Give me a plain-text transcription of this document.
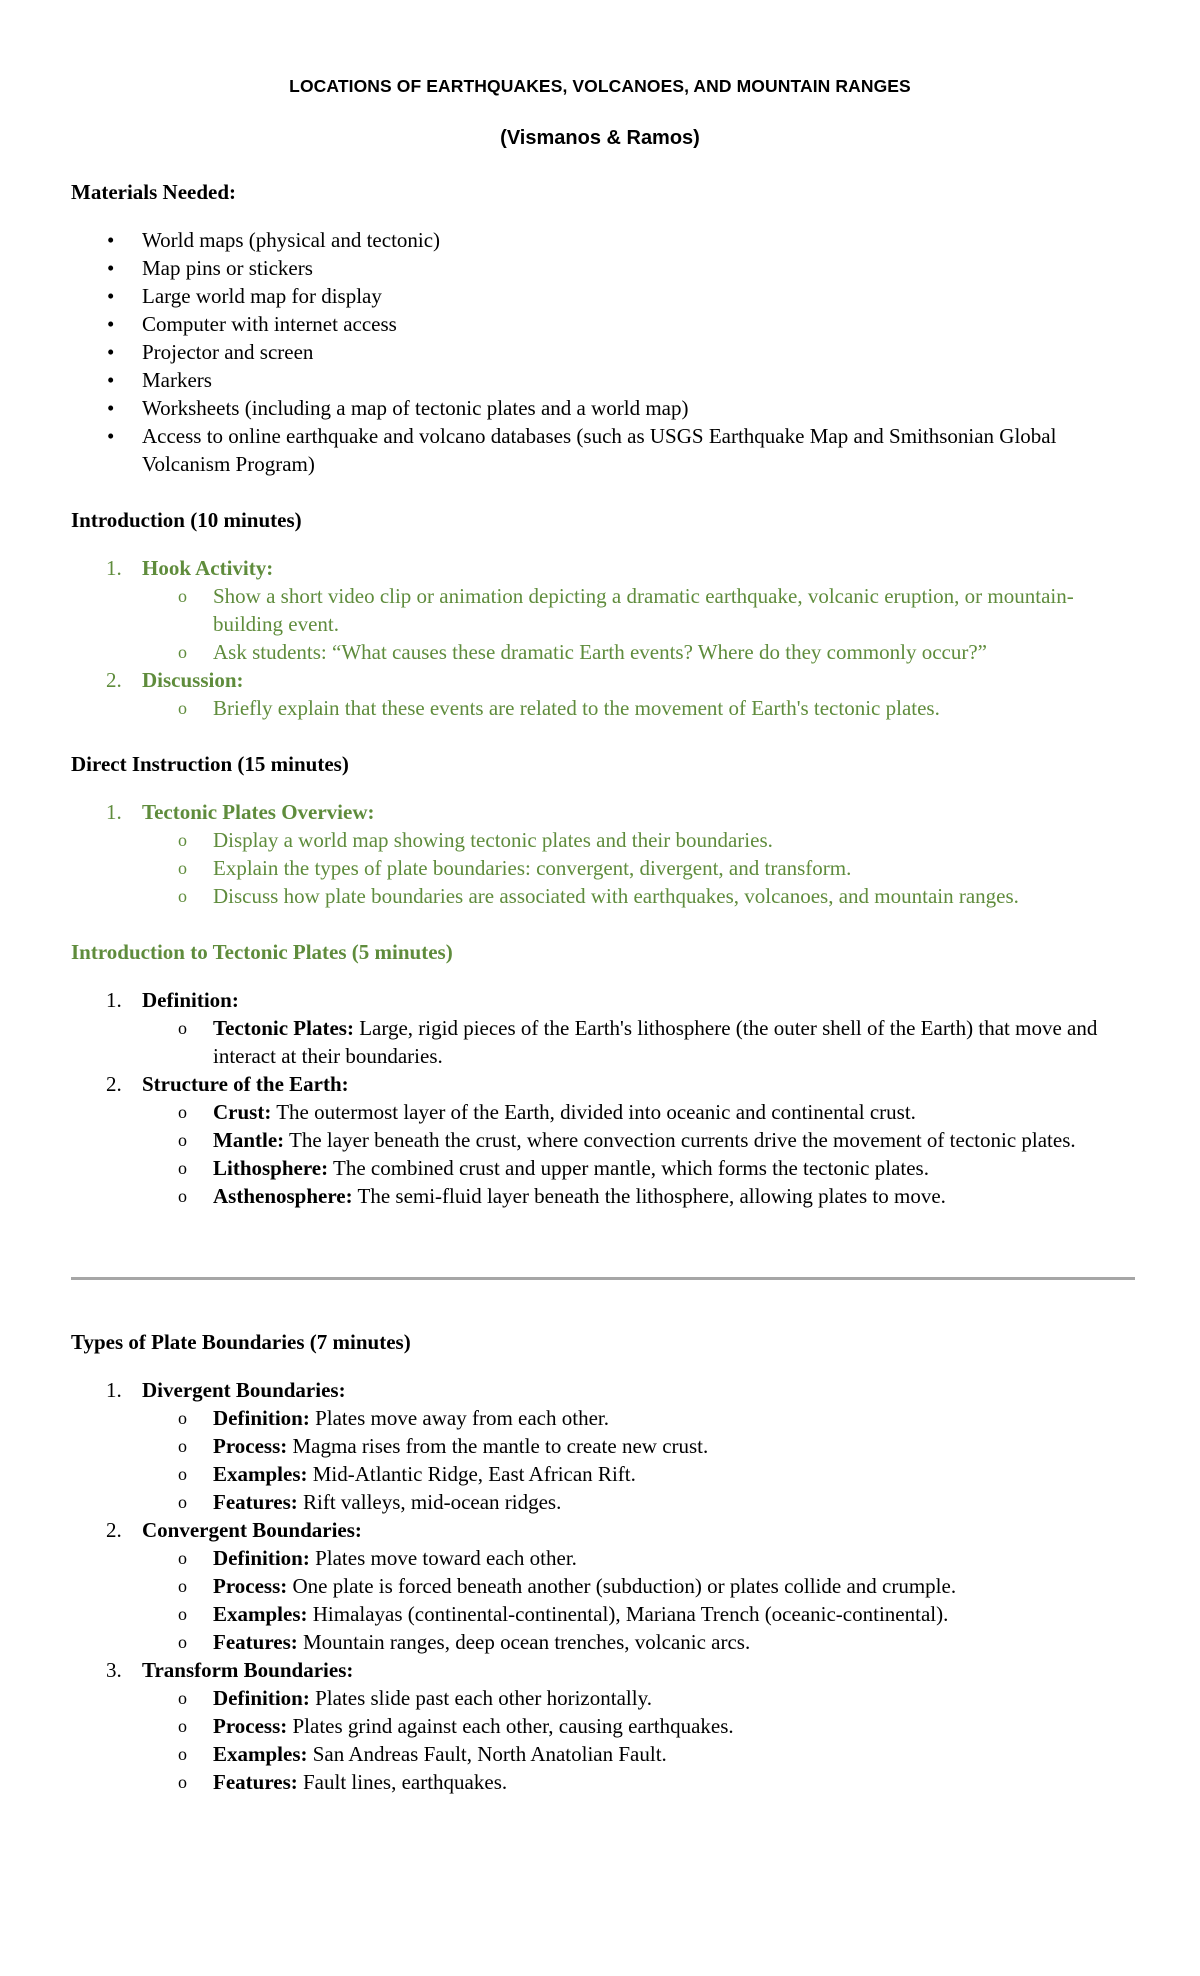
LOCATIONS OF EARTHQUAKES, VOLCANOES, AND MOUNTAIN RANGES
(Vismanos & Ramos)
Materials Needed:
• World maps (physical and tectonic)
• Map pins or stickers
• Large world map for display
• Computer with internet access
• Projector and screen
• Markers
• Worksheets (including a map of tectonic plates and a world map)
• Access to online earthquake and volcano databases (such as USGS Earthquake Map and Smithsonian Global Volcanism Program)
Introduction (10 minutes)
1. Hook Activity:
o Show a short video clip or animation depicting a dramatic earthquake, volcanic eruption, or mountain-building event.
o Ask students: “What causes these dramatic Earth events? Where do they commonly occur?”
2. Discussion:
o Briefly explain that these events are related to the movement of Earth's tectonic plates.
Direct Instruction (15 minutes)
1. Tectonic Plates Overview:
o Display a world map showing tectonic plates and their boundaries.
o Explain the types of plate boundaries: convergent, divergent, and transform.
o Discuss how plate boundaries are associated with earthquakes, volcanoes, and mountain ranges.
Introduction to Tectonic Plates (5 minutes)
1. Definition:
o Tectonic Plates: Large, rigid pieces of the Earth's lithosphere (the outer shell of the Earth) that move and interact at their boundaries.
2. Structure of the Earth:
o Crust: The outermost layer of the Earth, divided into oceanic and continental crust.
o Mantle: The layer beneath the crust, where convection currents drive the movement of tectonic plates.
o Lithosphere: The combined crust and upper mantle, which forms the tectonic plates.
o Asthenosphere: The semi-fluid layer beneath the lithosphere, allowing plates to move.
Types of Plate Boundaries (7 minutes)
1. Divergent Boundaries:
o Definition: Plates move away from each other.
o Process: Magma rises from the mantle to create new crust.
o Examples: Mid-Atlantic Ridge, East African Rift.
o Features: Rift valleys, mid-ocean ridges.
2. Convergent Boundaries:
o Definition: Plates move toward each other.
o Process: One plate is forced beneath another (subduction) or plates collide and crumple.
o Examples: Himalayas (continental-continental), Mariana Trench (oceanic-continental).
o Features: Mountain ranges, deep ocean trenches, volcanic arcs.
3. Transform Boundaries:
o Definition: Plates slide past each other horizontally.
o Process: Plates grind against each other, causing earthquakes.
o Examples: San Andreas Fault, North Anatolian Fault.
o Features: Fault lines, earthquakes.
